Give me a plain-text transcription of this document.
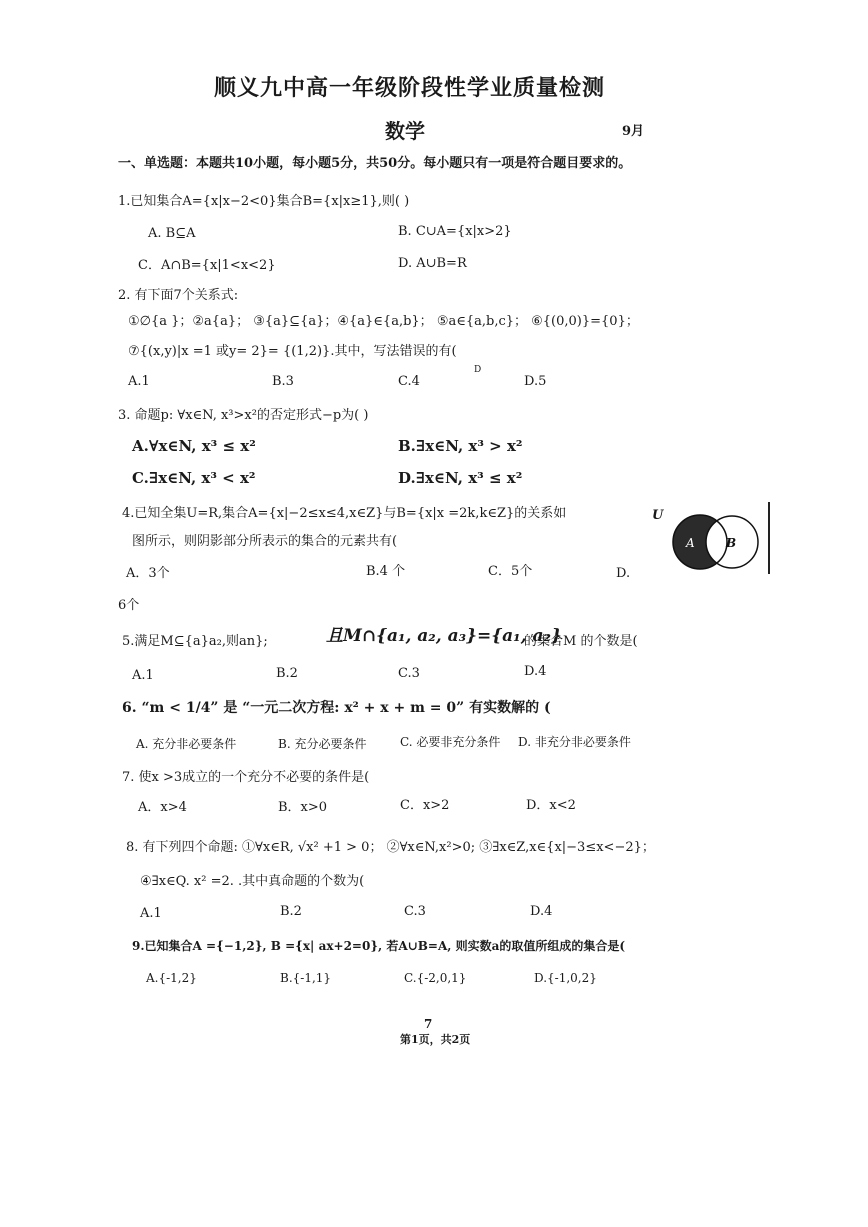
顺义九中高一年级阶段性学业质量检测
数学	9月
一、单选题：本题共10小题，每小题5分，共50分。每小题只有一项是符合题目要求的。
1.已知集合A={x|x−2<0}集合B={x|x≥1},则( )
A. B⊆A	B. C∪A={x|x>2}
C．A∩B={x|1<x<2}	D. A∪B=R
2. 有下面7个关系式:
①∅{a }；②a{a}； ③{a}⊆{a}；④{a}∈{a,b}； ⑤a∈{a,b,c}； ⑥{(0,0)}={0}；
⑦{(x,y)|x =1 或y= 2}= {(1,2)}.其中，写法错误的有(
D
A.1	B.3	C.4	D.5
3. 命题p: ∀x∈N, x³>x²的否定形式−p为( )
A.∀x∈N, x³ ≤ x²	B.∃x∈N, x³ > x²
C.∃x∈N, x³ < x²	D.∃x∈N, x³ ≤ x²
4.已知全集U=R,集合A={x|−2≤x≤4,x∈Z}与B={x|x =2k,k∈Z}的关系如
图所示，则阴影部分所表示的集合的元素共有(	A	B
U
A．3个	B.4 个	C．5个	D.
6个
5.满足M⊆{a}a₂,则an};	且M∩{a₁, a₂, a₃}={a₁, a₂}
的集合M 的个数是(
A.1	B.2	C.3	D.4
6. “m < 1/4” 是 “一元二次方程: x² + x + m = 0” 有实数解的 (
A. 充分非必要条件	B. 充分必要条件	C. 必要非充分条件 D. 非充分非必要条件
7. 使x >3成立的一个充分不必要的条件是(
A．x>4	B．x>0	C．x>2	D．x<2
8. 有下列四个命题: ①∀x∈R, √x² +1 > 0； ②∀x∈N,x²>0; ③∃x∈Z,x∈{x|−3≤x<−2}；
④∃x∈Q. x² =2. .其中真命题的个数为(
A.1	B.2	C.3	D.4
9.已知集合A ={−1,2}, B ={x| ax+2=0}, 若A∪B=A, 则实数a的取值所组成的集合是(
A.{-1,2}	B.{-1,1}	C.{-2,0,1}	D.{-1,0,2}
7
第1页，共2页
